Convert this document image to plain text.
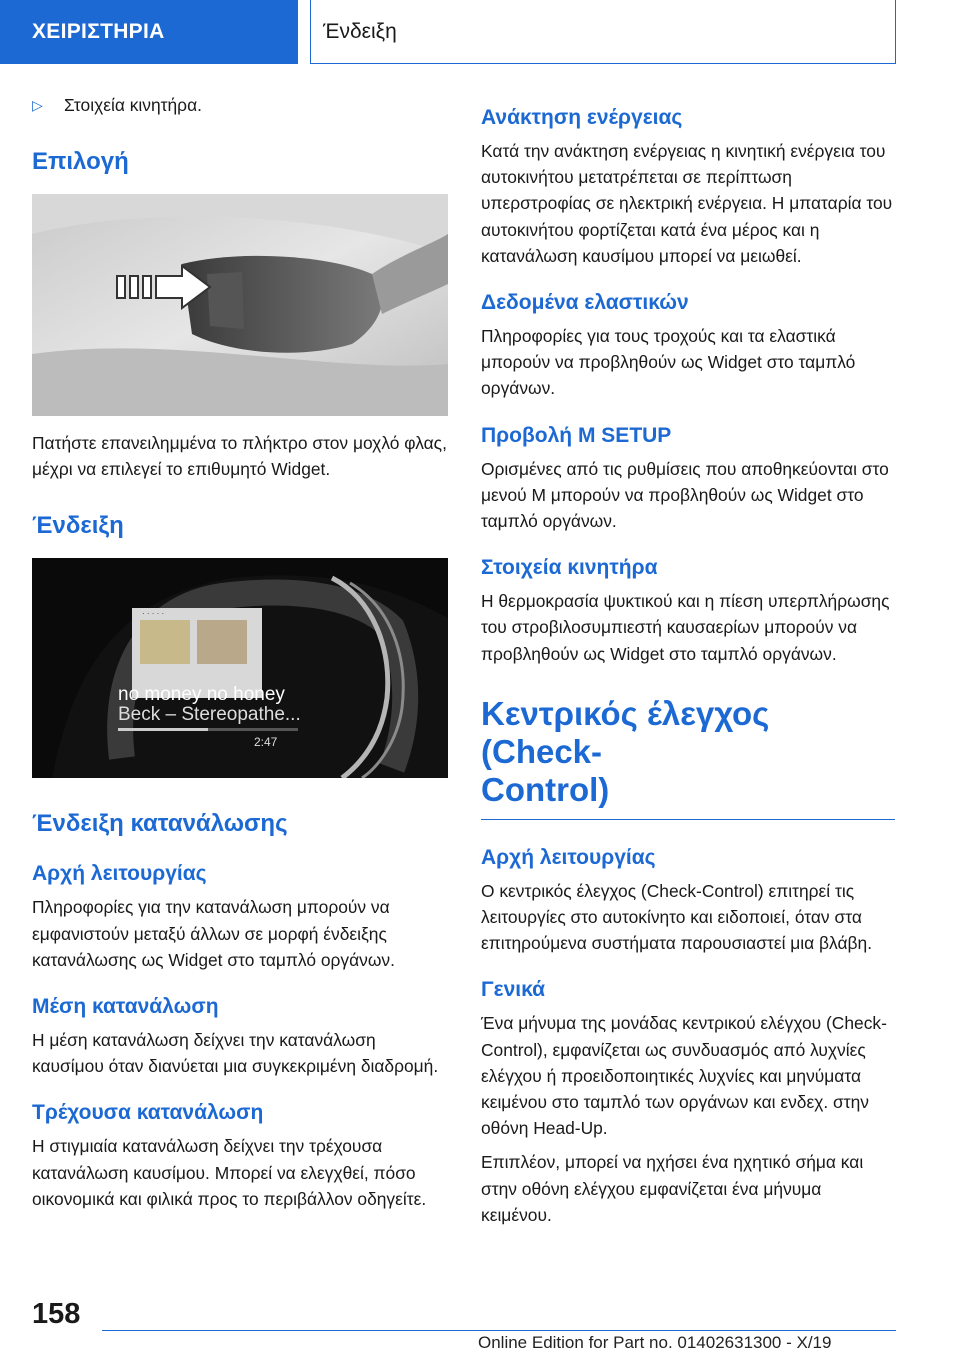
ΧΕΙΡΙΣΤΗΡΙΑ	Ένδειξη
▷	Στοιχεία κινητήρα.
Επιλογή

Πατήστε επανειλημμένα το πλήκτρο στον μοχλό φλας, μέχρι να επιλεγεί το επιθυμητό Widget.

Ένδειξη
· · · · ·
no money no honey
Beck – Stereopathe...
2:47
Ένδειξη κατανάλωσης
Αρχή λειτουργίας

Πληροφορίες για την κατανάλωση μπορούν να εμφανιστούν μεταξύ άλλων σε μορφή ένδειξης κατανάλωσης ως Widget στο ταμπλό οργάνων.

Μέση κατανάλωση

Η μέση κατανάλωση δείχνει την κατανάλωση καυσίμου όταν διανύεται μια συγκεκριμένη διαδρομή.

Τρέχουσα κατανάλωση

Η στιγμιαία κατανάλωση δείχνει την τρέχουσα κατανάλωση καυσίμου. Μπορεί να ελεγχθεί, πόσο οικονομικά και φιλικά προς το περιβάλλον οδηγείτε.

Ανάκτηση ενέργειας

Κατά την ανάκτηση ενέργειας η κινητική ενέργεια του αυτοκινήτου μετατρέπεται σε περίπτωση υπερστροφίας σε ηλεκτρική ενέργεια. Η μπαταρία του αυτοκινήτου φορτίζεται κατά ένα μέρος και η κατανάλωση καυσίμου μπορεί να μειωθεί.

Δεδομένα ελαστικών

Πληροφορίες για τους τροχούς και τα ελαστικά μπορούν να προβληθούν ως Widget στο ταμπλό οργάνων.

Προβολή M SETUP

Ορισμένες από τις ρυθμίσεις που αποθηκεύονται στο μενού M μπορούν να προβληθούν ως Widget στο ταμπλό οργάνων.

Στοιχεία κινητήρα

Η θερμοκρασία ψυκτικού και η πίεση υπερπλήρωσης του στροβιλοσυμπιεστή καυσαερίων μπορούν να προβληθούν ως Widget στο ταμπλό οργάνων.

Κεντρικός έλεγχος (Check-
Control)
Αρχή λειτουργίας

Ο κεντρικός έλεγχος (Check-Control) επιτηρεί τις λειτουργίες στο αυτοκίνητο και ειδοποιεί, όταν στα επιτηρούμενα συστήματα παρουσιαστεί μια βλάβη.

Γενικά

Ένα μήνυμα της μονάδας κεντρικού ελέγχου (Check-Control), εμφανίζεται ως συνδυασμός από λυχνίες ελέγχου ή προειδοποιητικές λυχνίες και μηνύματα κειμένου στο ταμπλό των οργάνων και ενδεχ. στην οθόνη Head-Up.

Επιπλέον, μπορεί να ηχήσει ένα ηχητικό σήμα και στην οθόνη ελέγχου εμφανίζεται ένα μήνυμα κειμένου.

158
Online Edition for Part no. 01402631300 - X/19
